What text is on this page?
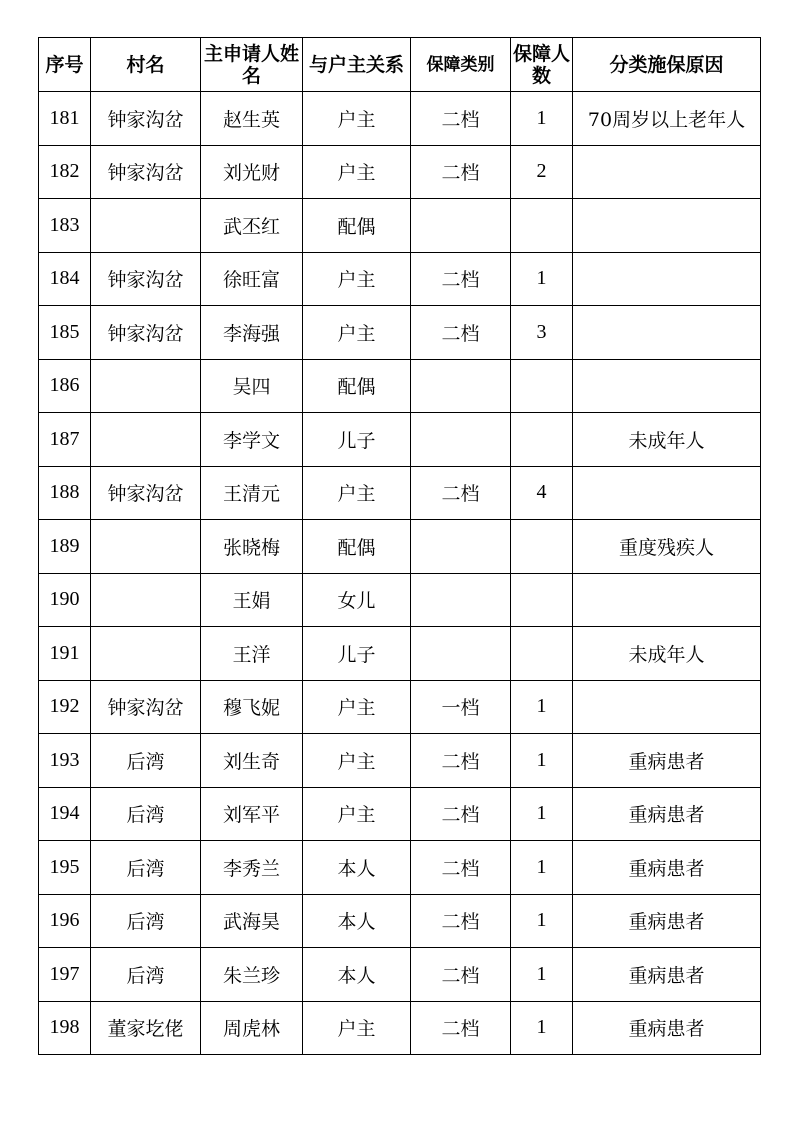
序号	村名	主申请人姓名	与户主关系	保障类别	保障人数	分类施保原因
181	钟家沟岔	赵生英	户主	二档	1	70周岁以上老年人
182	钟家沟岔	刘光财	户主	二档	2	
183		武丕红	配偶			
184	钟家沟岔	徐旺富	户主	二档	1	
185	钟家沟岔	李海强	户主	二档	3	
186		吴四	配偶			
187		李学文	儿子			未成年人
188	钟家沟岔	王清元	户主	二档	4	
189		张晓梅	配偶			重度残疾人
190		王娟	女儿			
191		王洋	儿子			未成年人
192	钟家沟岔	穆飞妮	户主	一档	1	
193	后湾	刘生奇	户主	二档	1	重病患者
194	后湾	刘军平	户主	二档	1	重病患者
195	后湾	李秀兰	本人	二档	1	重病患者
196	后湾	武海昊	本人	二档	1	重病患者
197	后湾	朱兰珍	本人	二档	1	重病患者
198	董家圪佬	周虎林	户主	二档	1	重病患者
